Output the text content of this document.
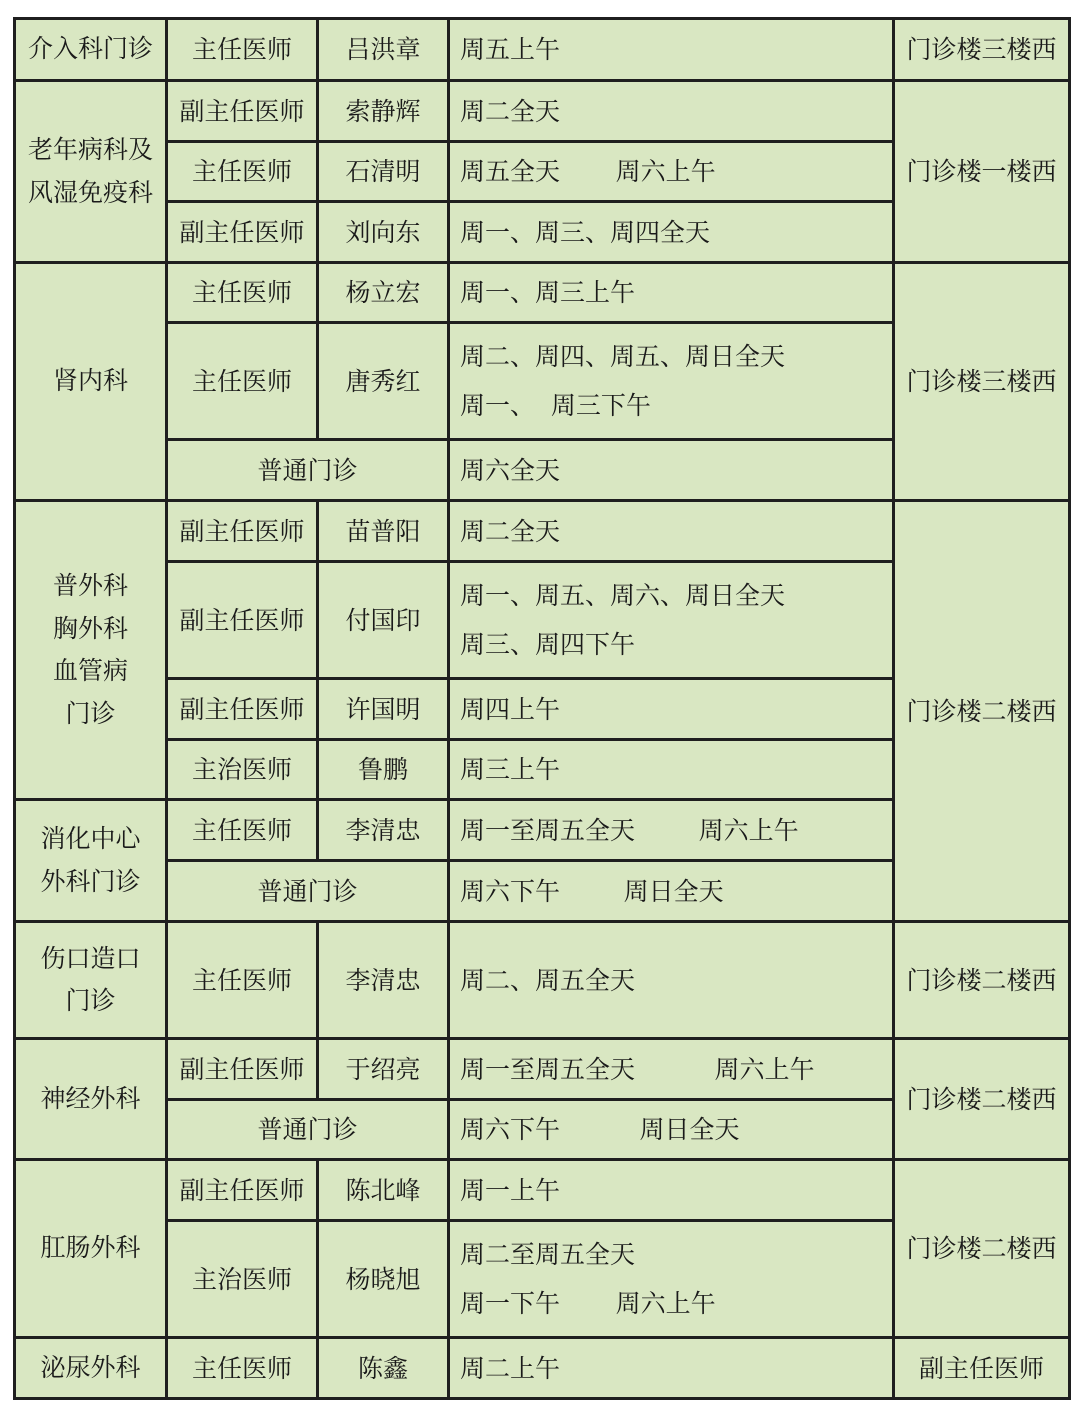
介入科门诊	主任医师	吕洪章	周五上午	门诊楼三楼西

老年病科及
风湿免疫科	副主任医师	索静辉	周二全天	门诊楼一楼西
	主任医师	石清明	周五全天       周六上午	

	副主任医师	刘向东	周一、周三、周四全天	

肾内科	主任医师	杨立宏	周一、周三上午	门诊楼三楼西
	主任医师	唐秀红	周二、周四、周五、周日全天
周一、  周三下午	

	普通门诊		周六全天	

普外科
胸外科
血管病
门诊	副主任医师	苗普阳	周二全天	门诊楼二楼西
	副主任医师	付国印	周一、周五、周六、周日全天
周三、周四下午	

	副主任医师	许国明	周四上午	

	主治医师	鲁鹏	周三上午	

消化中心
外科门诊	主任医师	李清忠	周一至周五全天        周六上午	

	普通门诊		周六下午        周日全天	

伤口造口
门诊	主任医师	李清忠	周二、周五全天	门诊楼二楼西

神经外科	副主任医师	于绍亮	周一至周五全天          周六上午	门诊楼二楼西
	普通门诊		周六下午          周日全天	

肛肠外科	副主任医师	陈北峰	周一上午	门诊楼二楼西
	主治医师	杨晓旭	周二至周五全天
周一下午       周六上午	

泌尿外科	主任医师	陈鑫	周二上午	副主任医师
